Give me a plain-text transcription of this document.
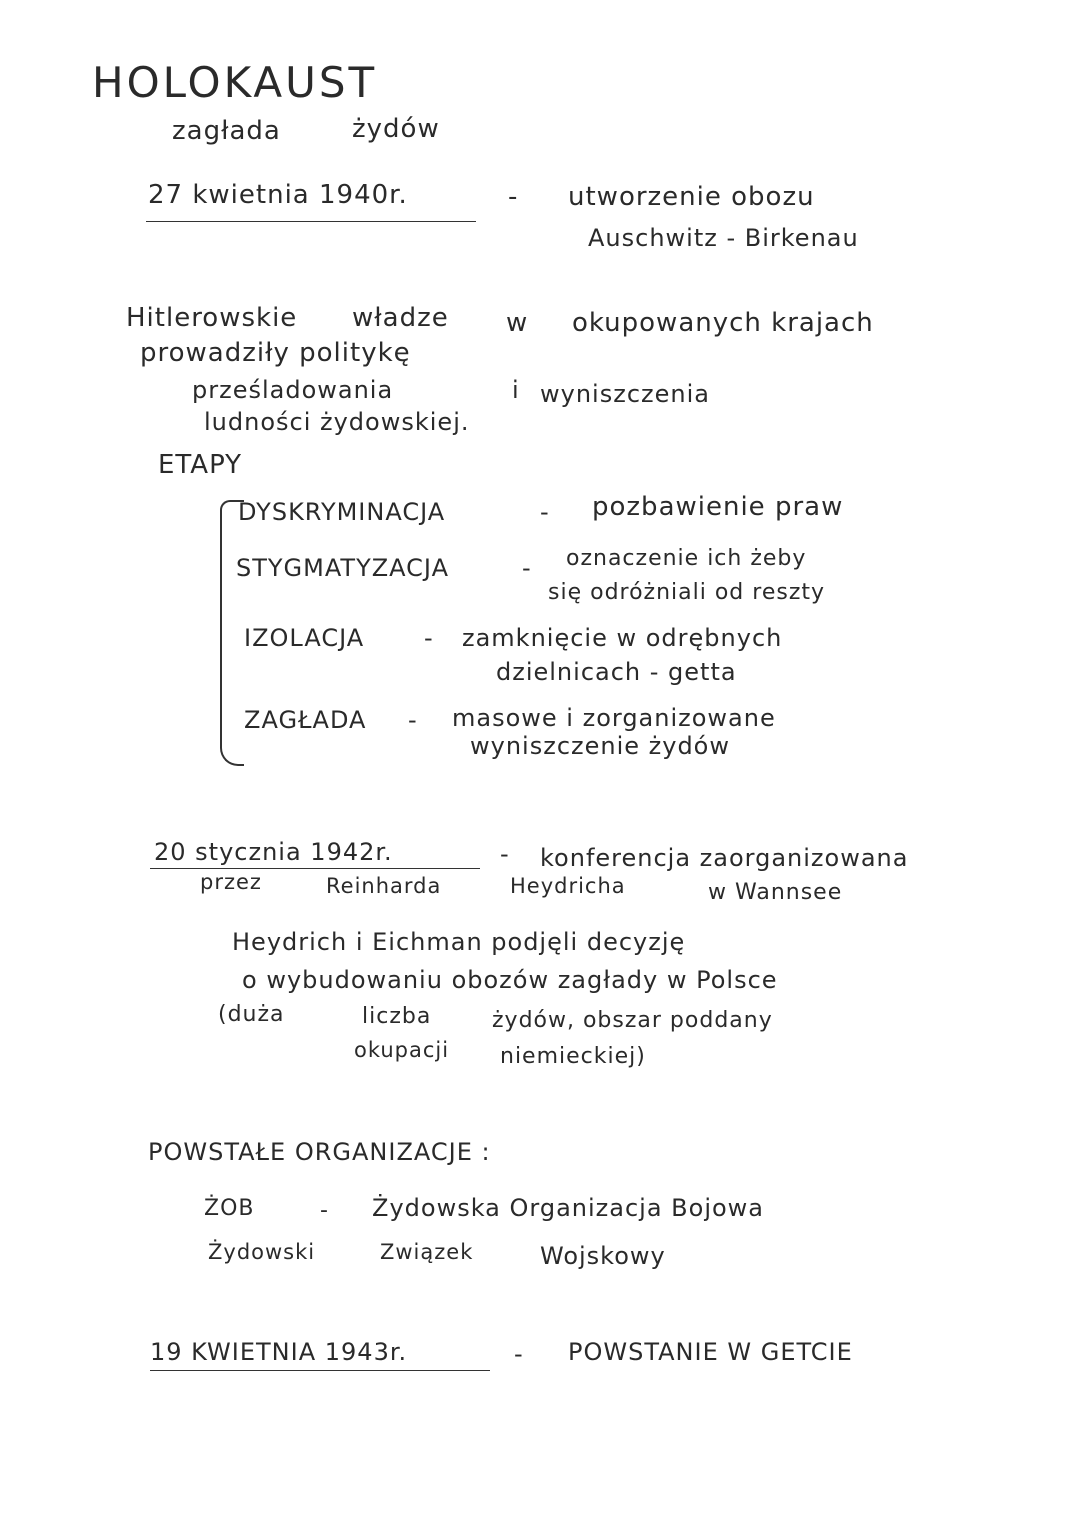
HOLOKAUST
zagłada	żydów
27 kwietnia 1940r.	- utworzenie obozu
Auschwitz - Birkenau
Hitlerowskie władze w okupowanych krajach
prowadziły politykę
prześladowania	i wyniszczenia
ludności żydowskiej.
ETAPY
DYSKRYMINACJA	- pozbawienie praw
STYGMATYZACJA	- oznaczenie ich żeby
się odróżniali od reszty
IZOLACJA - zamknięcie w odrębnych
dzielnicach - getta
ZAGŁADA - masowe i zorganizowane
wyniszczenie żydów
20 stycznia 1942r.	- konferencja zaorganizowana
przez	Reinharda	Heydricha	w Wannsee
Heydrich i Eichman podjęli decyzję
o wybudowaniu obozów zagłady w Polsce
(duża	liczba	żydów, obszar poddany
okupacji niemieckiej)
POWSTAŁE ORGANIZACJE :
ŻOB	- Żydowska Organizacja Bojowa
Żydowski	Związek	Wojskowy
19 KWIETNIA 1943r.	- POWSTANIE W GETCIE
